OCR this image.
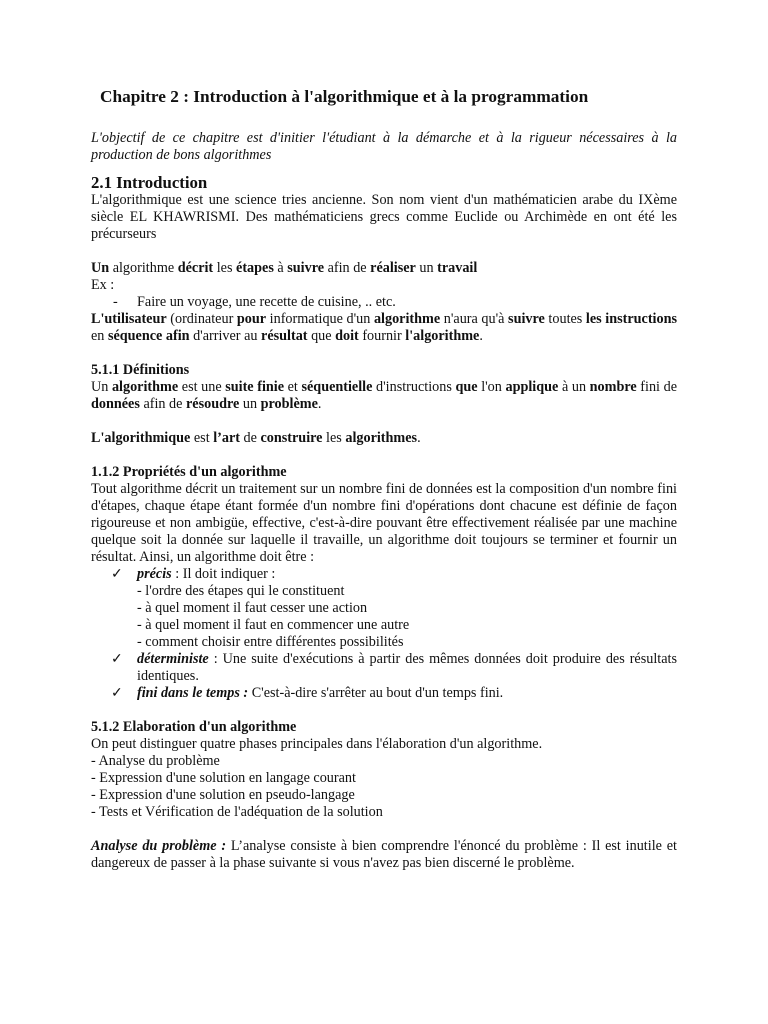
Chapitre 2 : Introduction à l'algorithmique et à la programmation
L'objectif de ce chapitre est d'initier l'étudiant à la démarche et à la rigueur nécessaires à la production de bons algorithmes
2.1 Introduction
L'algorithmique est une science tries ancienne. Son nom vient d'un mathématicien arabe du IXème siècle EL KHAWRISMI. Des mathématiciens grecs comme Euclide ou Archimède en ont été les précurseurs
Un algorithme décrit les étapes à suivre afin de réaliser un travail
Ex :
- Faire un voyage, une recette de cuisine, .. etc.
L'utilisateur (ordinateur pour informatique d'un algorithme n'aura qu'à suivre toutes les instructions en séquence afin d'arriver au résultat que doit fournir l'algorithme.
5.1.1 Définitions
Un algorithme est une suite finie et séquentielle d'instructions que l'on applique à un nombre fini de données afin de résoudre un problème.
L'algorithmique est l’art de construire les algorithmes.
1.1.2 Propriétés d'un algorithme
Tout algorithme décrit un traitement sur un nombre fini de données est la composition d'un nombre fini d'étapes, chaque étape étant formée d'un nombre fini d'opérations dont chacune est définie de façon rigoureuse et non ambigüe, effective, c'est-à-dire pouvant être effectivement réalisée par une machine quelque soit la donnée sur laquelle il travaille, un algorithme doit toujours se terminer et fournir un résultat. Ainsi, un algorithme doit être :
✓ précis : Il doit indiquer :
- l'ordre des étapes qui le constituent
- à quel moment il faut cesser une action
- à quel moment il faut en commencer une autre
- comment choisir entre différentes possibilités
✓ déterministe : Une suite d'exécutions à partir des mêmes données doit produire des résultats identiques.
✓ fini dans le temps : C'est-à-dire s'arrêter au bout d'un temps fini.
5.1.2 Elaboration d'un algorithme
On peut distinguer quatre phases principales dans l'élaboration d'un algorithme.
- Analyse du problème
- Expression d'une solution en langage courant
- Expression d'une solution en pseudo-langage
- Tests et Vérification de l'adéquation de la solution
Analyse du problème : L’analyse consiste à bien comprendre l'énoncé du problème : Il est inutile et dangereux de passer à la phase suivante si vous n'avez pas bien discerné le problème.
